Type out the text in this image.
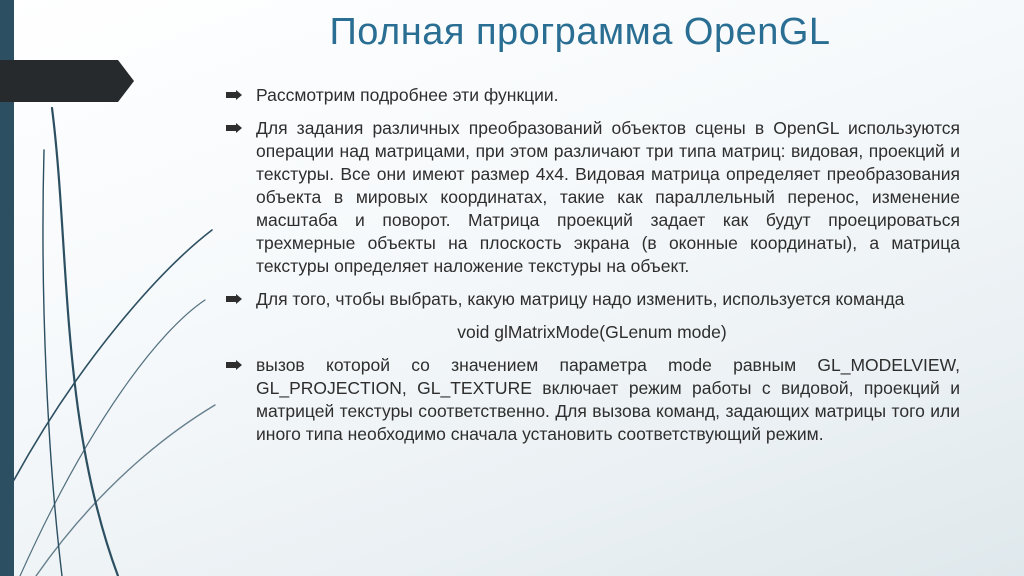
Полная программа OpenGL
Рассмотрим подробнее эти функции.
Для задания различных преобразований объектов сцены в OpenGL используются операции над матрицами, при этом различают три типа матриц: видовая, проекций и текстуры. Все они имеют размер 4x4. Видовая матрица определяет преобразования объекта в мировых координатах, такие как параллельный перенос, изменение масштаба и поворот. Матрица проекций задает как будут проецироваться трехмерные объекты на плоскость экрана (в оконные координаты), а матрица текстуры определяет наложение текстуры на объект.
Для того, чтобы выбрать, какую матрицу надо изменить, используется команда
void glMatrixMode(GLenum mode)
вызов которой со значением параметра mode равным GL_MODELVIEW, GL_PROJECTION, GL_TEXTURE включает режим работы с видовой, проекций и матрицей текстуры соответственно. Для вызова команд, задающих матрицы того или иного типа необходимо сначала установить соответствующий режим.
